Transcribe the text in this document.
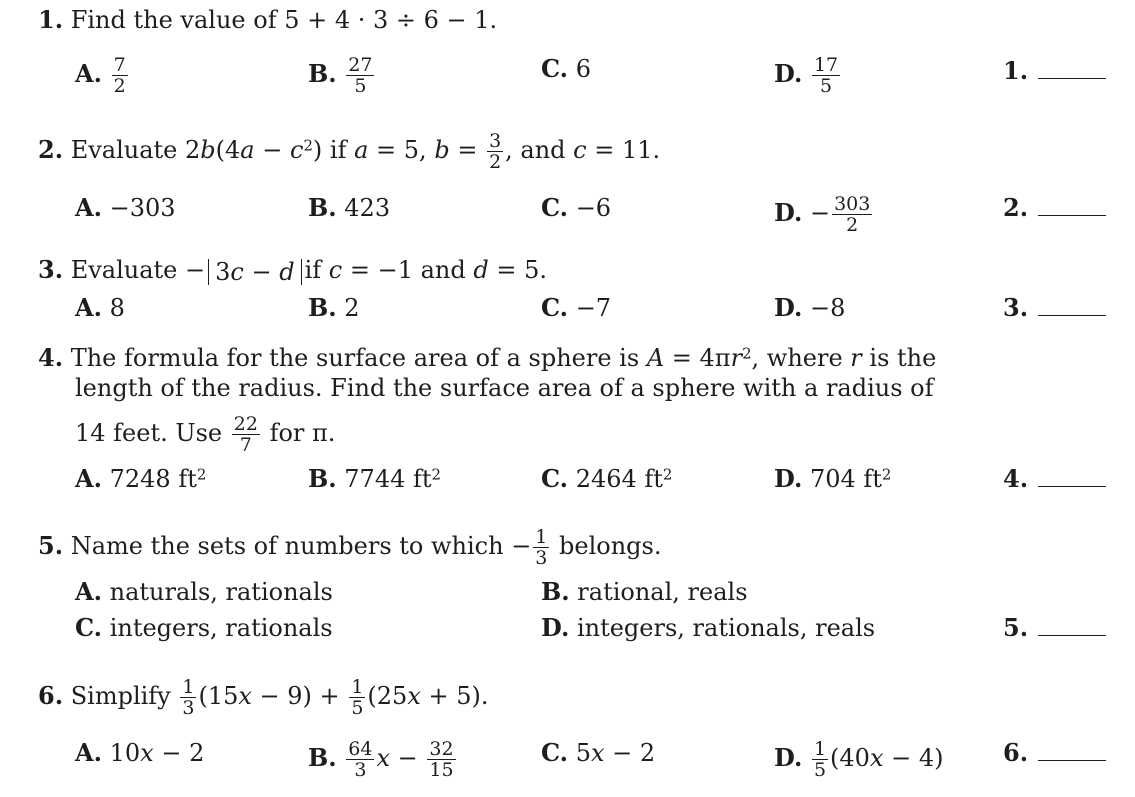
1. Find the value of 5 + 4 · 3 ÷ 6 − 1.
A. $\frac{7}{2}$	B. $\frac{27}{5}$	C. 6	D. $\frac{17}{5}$	1.
2. Evaluate $2b(4a - c^2)$ if a = 5, $b = \frac{3}{2}$ , and c = 11.
A. −303	B. 423	C. −6	D. − $\frac{303}{2}$	2.
3. Evaluate − 3c − d if c = −1 and d = 5.
A. 8	B. 2	C. −7	D. −8	3.
4. The formula for the surface area of a sphere is $A = 4\pi r^2$, where r is the
length of the radius. Find the surface area of a sphere with a radius of
14 feet. Use $\frac{22}{7}$ for π.
A. 7248 $ft^2$	B. 7744 $ft^2$	C. 2464 $ft^2$	D. 704 $ft^2$	4.
5. Name the sets of numbers to which − $\frac{1}{3}$ belongs.
A. naturals, rationals	B. rational, reals
C. integers, rationals	D. integers, rationals, reals	5.
6. Simplify $\frac{1}{3} (15x - 9) + \frac{1}{5} (25x + 5)$.
A. 10x − 2	B. $\frac{64}{3}$ $x - \frac{32}{15}$	C. 5x − 2	D. $\frac{1}{5} (40x - 4)$ 6.
